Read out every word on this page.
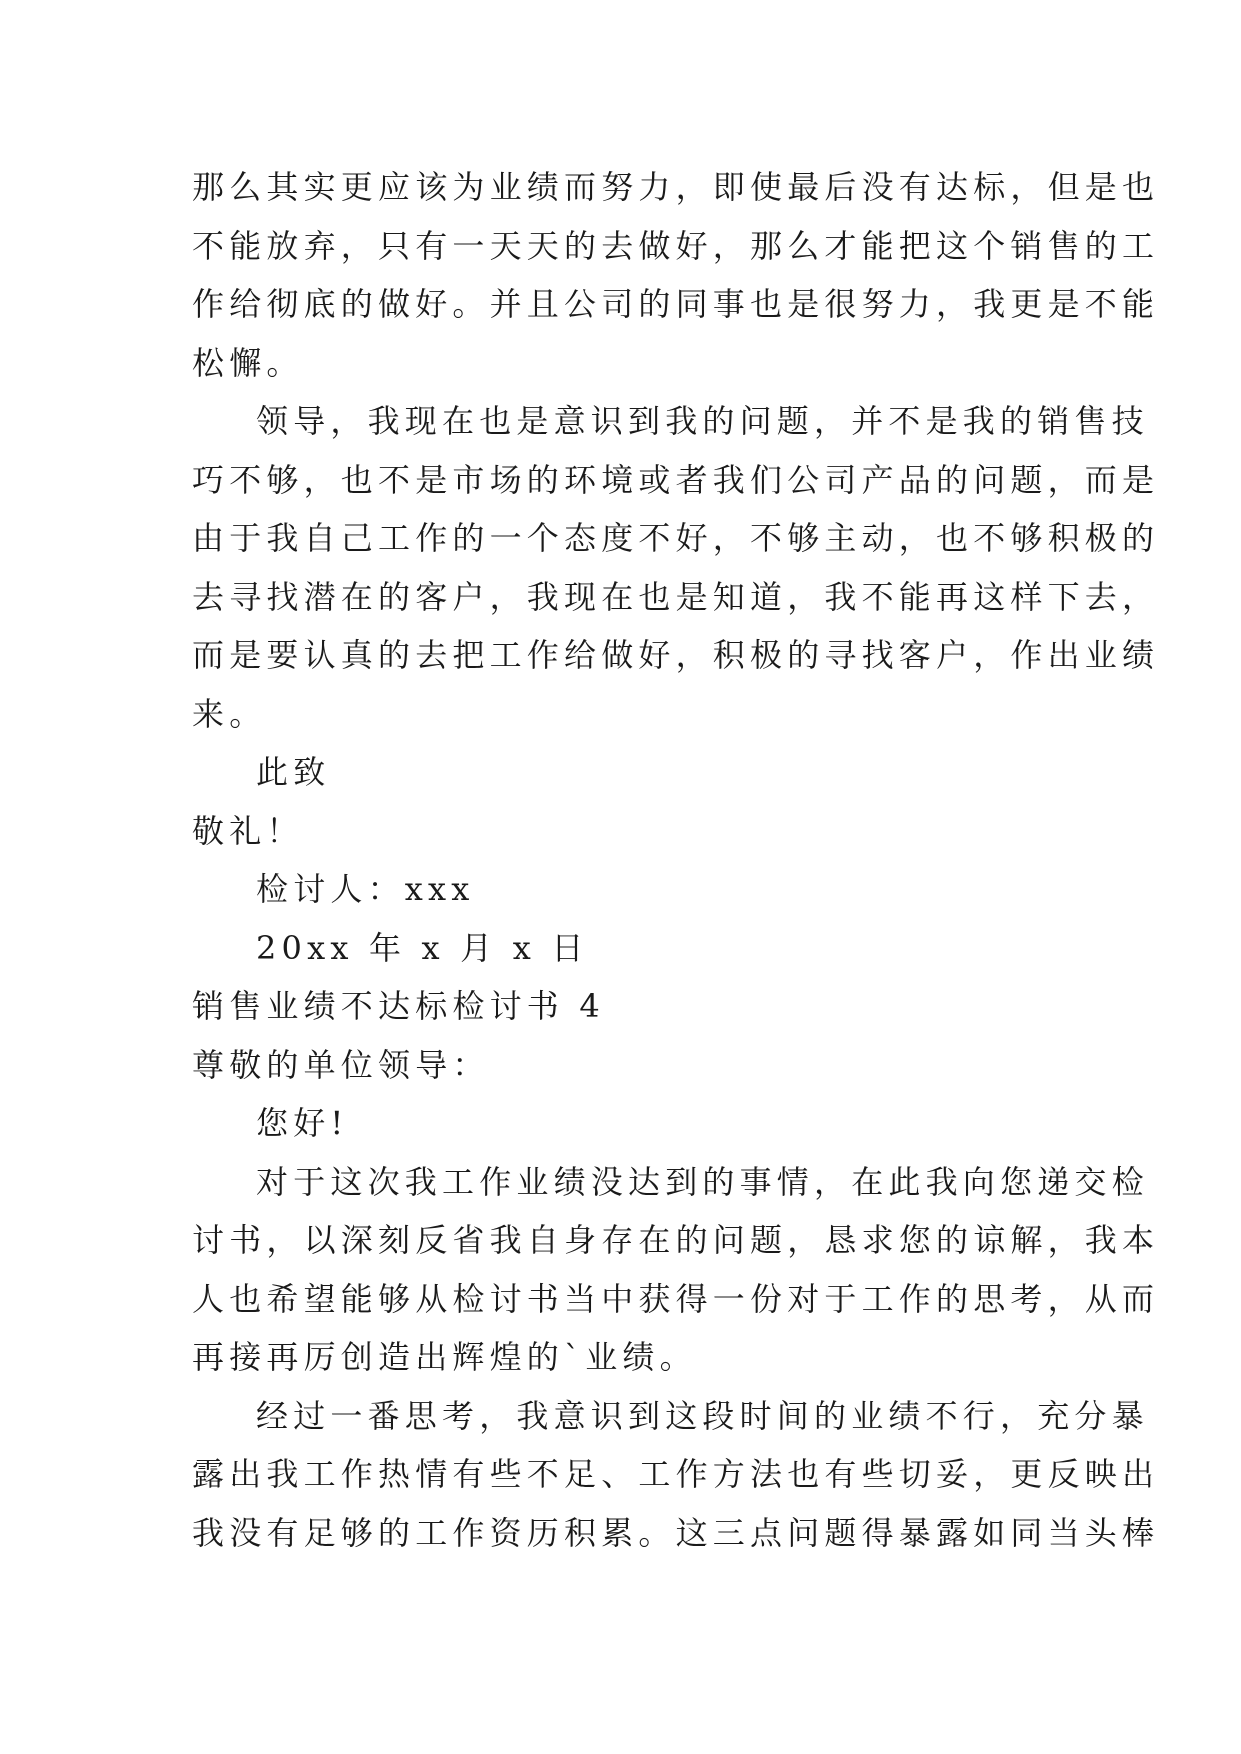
那么其实更应该为业绩而努力，即使最后没有达标，但是也
不能放弃，只有一天天的去做好，那么才能把这个销售的工
作给彻底的做好。并且公司的同事也是很努力，我更是不能
松懈。
领导，我现在也是意识到我的问题，并不是我的销售技
巧不够，也不是市场的环境或者我们公司产品的问题，而是
由于我自己工作的一个态度不好，不够主动，也不够积极的
去寻找潜在的客户，我现在也是知道，我不能再这样下去，
而是要认真的去把工作给做好，积极的寻找客户，作出业绩
来。
此致
敬礼！
检讨人：xxx
20xx 年 x 月 x 日
销售业绩不达标检讨书 4
尊敬的单位领导：
您好!
对于这次我工作业绩没达到的事情，在此我向您递交检
讨书，以深刻反省我自身存在的问题，恳求您的谅解，我本
人也希望能够从检讨书当中获得一份对于工作的思考，从而
再接再厉创造出辉煌的`业绩。
经过一番思考，我意识到这段时间的业绩不行，充分暴
露出我工作热情有些不足、工作方法也有些切妥，更反映出
我没有足够的工作资历积累。这三点问题得暴露如同当头棒
